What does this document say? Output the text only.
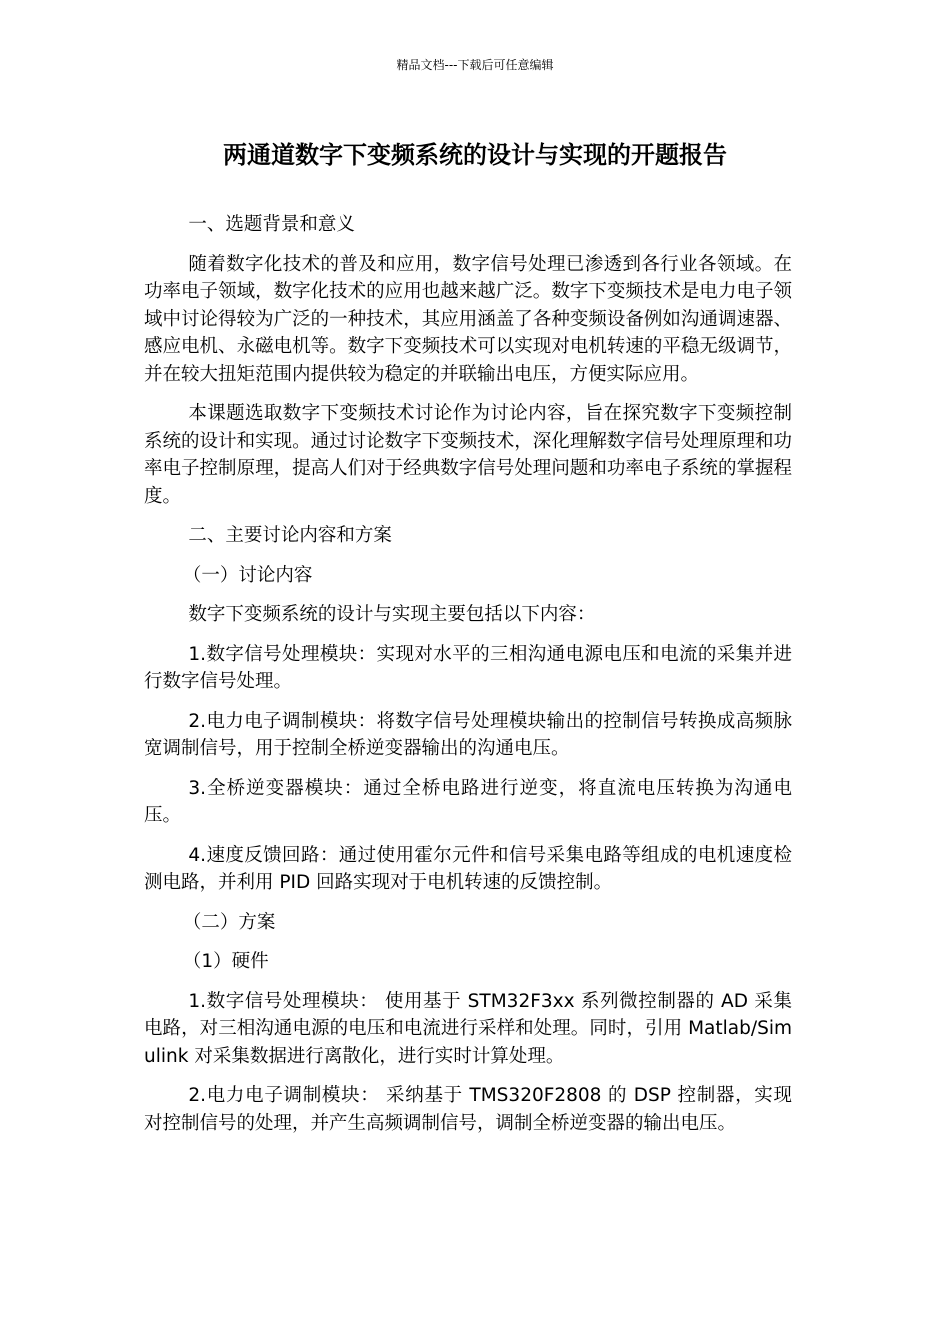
精品文档---下载后可任意编辑
两通道数字下变频系统的设计与实现的开题报告

一、选题背景和意义

随着数字化技术的普及和应用，数字信号处理已渗透到各行业各领域。在功率电子领域，数字化技术的应用也越来越广泛。数字下变频技术是电力电子领域中讨论得较为广泛的一种技术，其应用涵盖了各种变频设备例如沟通调速器、感应电机、永磁电机等。数字下变频技术可以实现对电机转速的平稳无级调节，并在较大扭矩范围内提供较为稳定的并联输出电压，方便实际应用。

本课题选取数字下变频技术讨论作为讨论内容，旨在探究数字下变频控制系统的设计和实现。通过讨论数字下变频技术，深化理解数字信号处理原理和功率电子控制原理，提高人们对于经典数字信号处理问题和功率电子系统的掌握程度。

二、主要讨论内容和方案

（一）讨论内容

数字下变频系统的设计与实现主要包括以下内容：

1.数字信号处理模块：实现对水平的三相沟通电源电压和电流的采集并进行数字信号处理。

2.电力电子调制模块：将数字信号处理模块输出的控制信号转换成高频脉宽调制信号，用于控制全桥逆变器输出的沟通电压。

3.全桥逆变器模块：通过全桥电路进行逆变，将直流电压转换为沟通电压。

4.速度反馈回路：通过使用霍尔元件和信号采集电路等组成的电机速度检测电路，并利用 PID 回路实现对于电机转速的反馈控制。

（二）方案

（1）硬件

1.数字信号处理模块： 使用基于 STM32F3xx 系列微控制器的 AD 采集电路，对三相沟通电源的电压和电流进行采样和处理。同时，引用 Matlab/Simulink 对采集数据进行离散化，进行实时计算处理。

2.电力电子调制模块： 采纳基于 TMS320F2808 的 DSP 控制器，实现对控制信号的处理，并产生高频调制信号，调制全桥逆变器的输出电压。
